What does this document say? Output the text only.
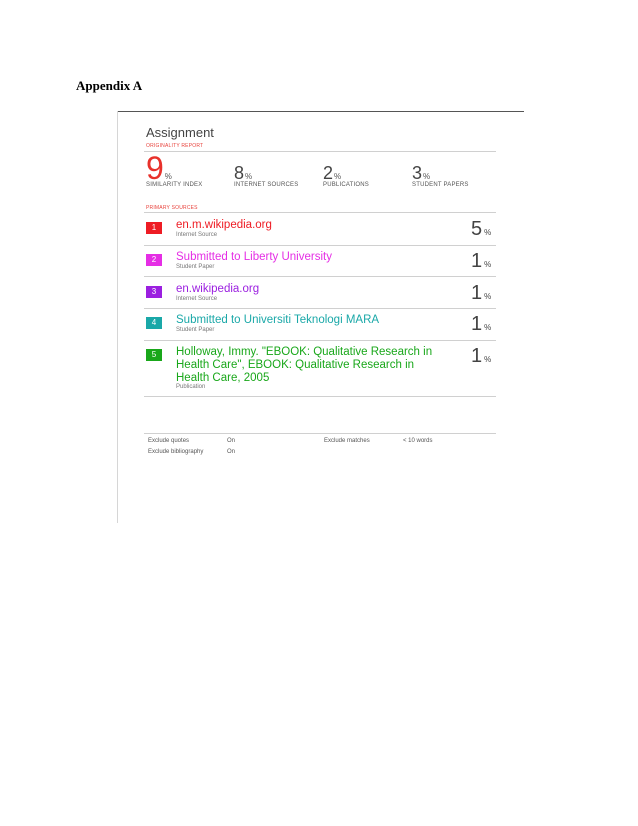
Appendix A
Assignment
ORIGINALITY REPORT
9%
SIMILARITY INDEX
8%
INTERNET SOURCES
2%
PUBLICATIONS
3%
STUDENT PAPERS
PRIMARY SOURCES
1	en.m.wikipedia.org
Internet Source	5 %
2	Submitted to Liberty University
Student Paper	1 %
3	en.wikipedia.org
Internet Source	1 %
4	Submitted to Universiti Teknologi MARA
Student Paper	1 %
5	Holloway, Immy. "EBOOK: Qualitative Research in Health Care", EBOOK: Qualitative Research in Health Care, 2005
Publication
1 %
Exclude quotes	On	Exclude matches	< 10 words
Exclude bibliography	On
